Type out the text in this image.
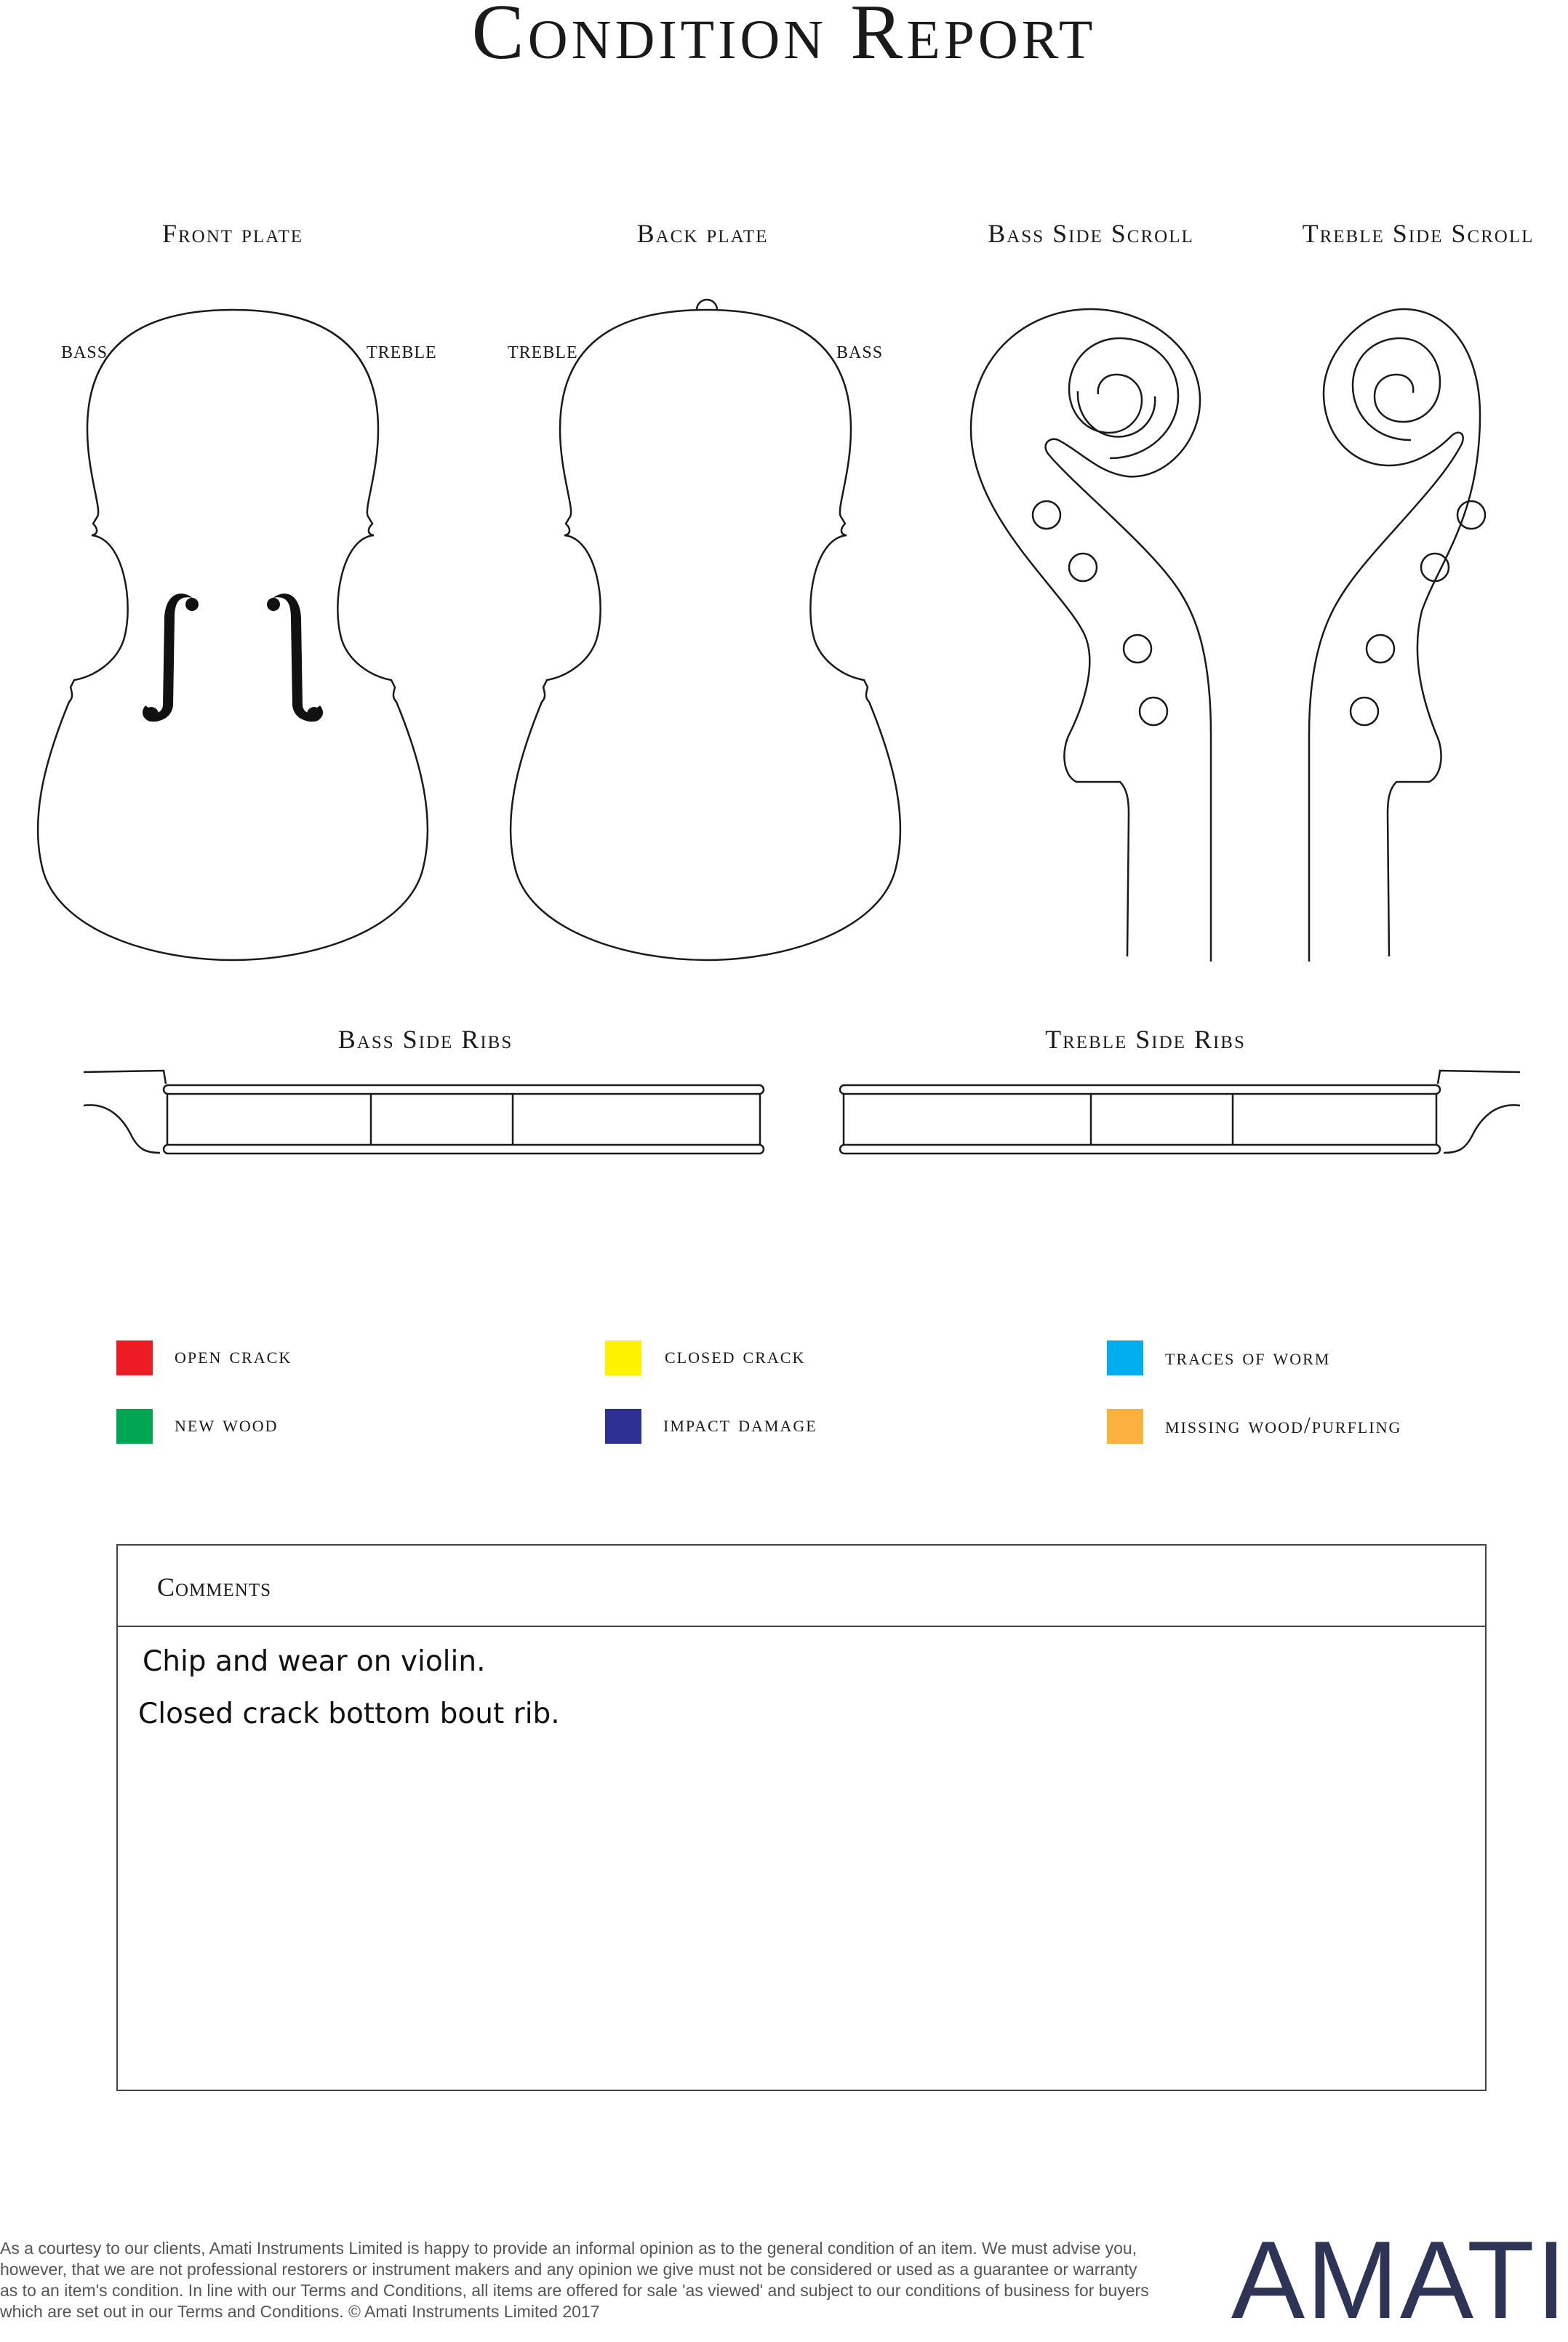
Condition Report
Front plate	Back plate	Bass Side Scroll	Treble Side Scroll
BASS	TREBLE	TREBLE	BASS
Bass Side Ribs	Treble Side Ribs
open crack	closed crack	traces of worm
new wood	impact damage	missing wood/purfling
Comments
Chip and wear on violin.
Closed crack bottom bout rib.
As a courtesy to our clients, Amati Instruments Limited is happy to provide an informal opinion as to the general condition of an item. We must advise you, however, that we are not professional restorers or instrument makers and any opinion we give must not be considered or used as a guarantee or warranty as to an item's condition. In line with our Terms and Conditions, all items are offered for sale 'as viewed' and subject to our conditions of business for buyers which are set out in our Terms and Conditions. © Amati Instruments Limited 2017	AMATI
